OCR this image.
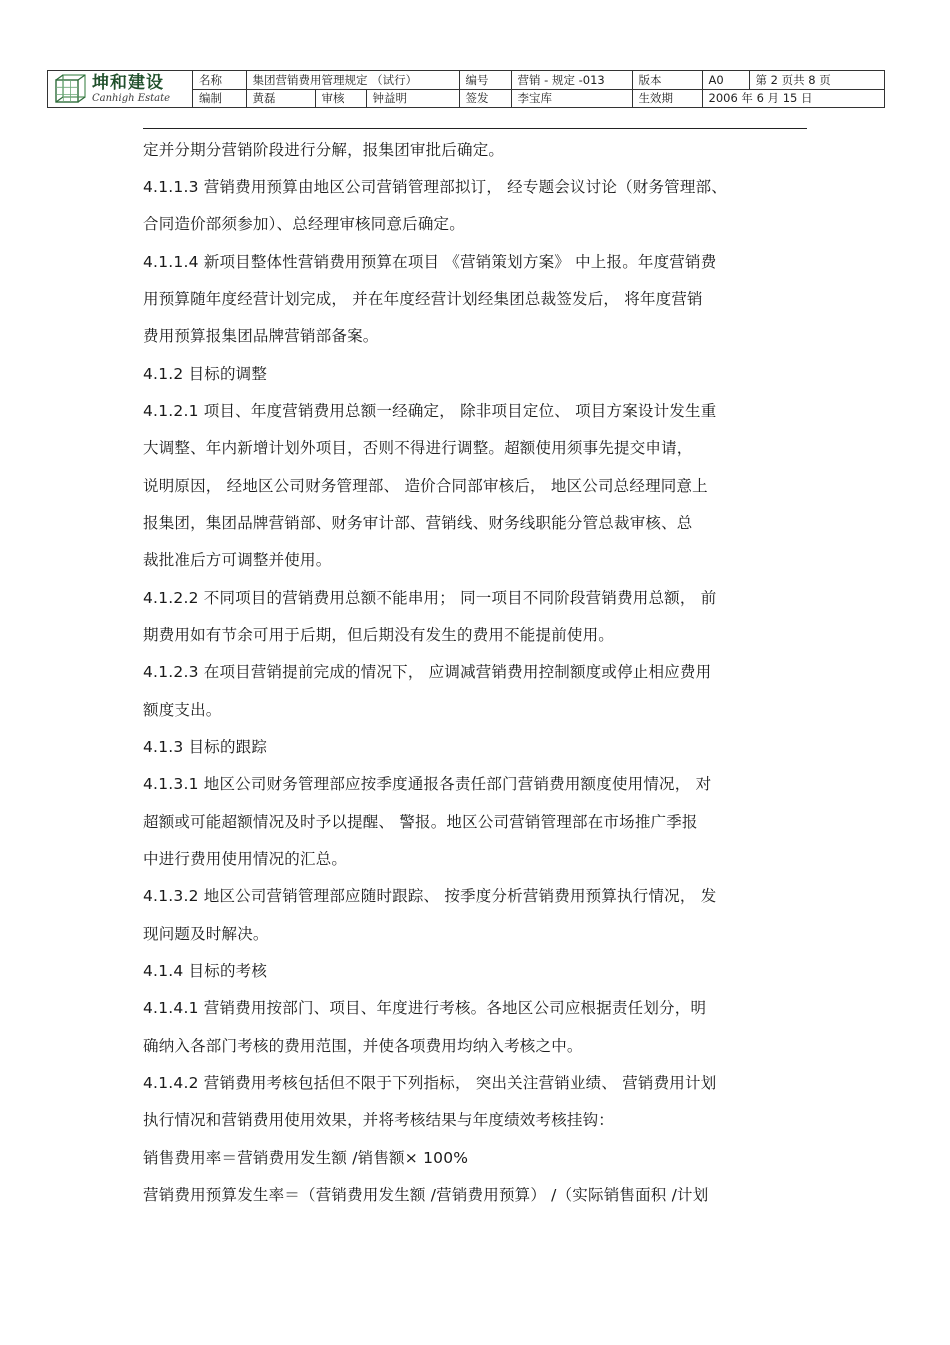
坤和建设
Canhigh Estate
名称	集团营销费用管理规定 （试行）			编号	营销 - 规定 -013	版本	A0	第 2 页共 8 页
编制	黄磊	审核	钟益明	签发	李宝库	生效期	2006 年 6 月 15 日	
定并分期分营销阶段进行分解，报集团审批后确定。
4.1.1.3 营销费用预算由地区公司营销管理部拟订， 经专题会议讨论（财务管理部、
合同造价部须参加）、总经理审核同意后确定。
4.1.1.4 新项目整体性营销费用预算在项目 《营销策划方案》 中上报。年度营销费
用预算随年度经营计划完成， 并在年度经营计划经集团总裁签发后， 将年度营销
费用预算报集团品牌营销部备案。
4.1.2 目标的调整
4.1.2.1 项目、年度营销费用总额一经确定， 除非项目定位、 项目方案设计发生重
大调整、年内新增计划外项目，否则不得进行调整。超额使用须事先提交申请，
说明原因， 经地区公司财务管理部、 造价合同部审核后， 地区公司总经理同意上
报集团，集团品牌营销部、财务审计部、营销线、财务线职能分管总裁审核、总
裁批准后方可调整并使用。
4.1.2.2 不同项目的营销费用总额不能串用； 同一项目不同阶段营销费用总额， 前
期费用如有节余可用于后期，但后期没有发生的费用不能提前使用。
4.1.2.3 在项目营销提前完成的情况下， 应调减营销费用控制额度或停止相应费用
额度支出。
4.1.3 目标的跟踪
4.1.3.1 地区公司财务管理部应按季度通报各责任部门营销费用额度使用情况， 对
超额或可能超额情况及时予以提醒、 警报。地区公司营销管理部在市场推广季报
中进行费用使用情况的汇总。
4.1.3.2 地区公司营销管理部应随时跟踪、 按季度分析营销费用预算执行情况， 发
现问题及时解决。
4.1.4 目标的考核
4.1.4.1 营销费用按部门、项目、年度进行考核。各地区公司应根据责任划分，明
确纳入各部门考核的费用范围，并使各项费用均纳入考核之中。
4.1.4.2 营销费用考核包括但不限于下列指标， 突出关注营销业绩、 营销费用计划
执行情况和营销费用使用效果，并将考核结果与年度绩效考核挂钩：
销售费用率＝营销费用发生额 /销售额× 100%
营销费用预算发生率＝（营销费用发生额 /营销费用预算） /（实际销售面积 /计划
